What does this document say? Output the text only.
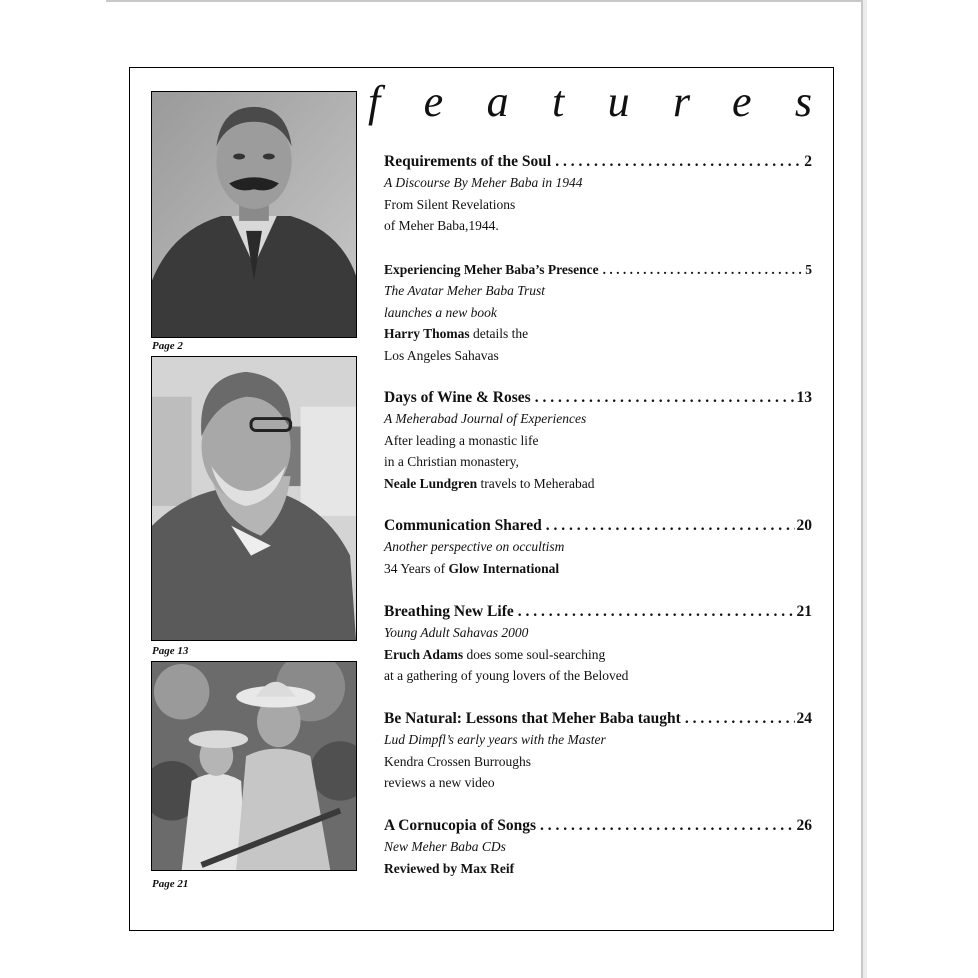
Page 2
Page 13
Page 21
features
Requirements of the Soul . . .	2
A Discourse By Meher Baba in 1944
From Silent Revelations
of Meher Baba,1944.
Experiencing Meher Baba’s Presence . . .	5
The Avatar Meher Baba Trust
launches a new book
Harry Thomas details the
Los Angeles Sahavas
Days of Wine & Roses . . .	13
A Meherabad Journal of Experiences
After leading a monastic life
in a Christian monastery,
Neale Lundgren travels to Meherabad
Communication Shared . . .	20
Another perspective on occultism
34 Years of Glow International
Breathing New Life . . .	21
Young Adult Sahavas 2000
Eruch Adams does some soul-searching
at a gathering of young lovers of the Beloved
Be Natural: Lessons that Meher Baba taught . . .	24
Lud Dimpfl’s early years with the Master
Kendra Crossen Burroughs
reviews a new video
A Cornucopia of Songs . . .	26
New Meher Baba CDs
Reviewed by Max Reif
